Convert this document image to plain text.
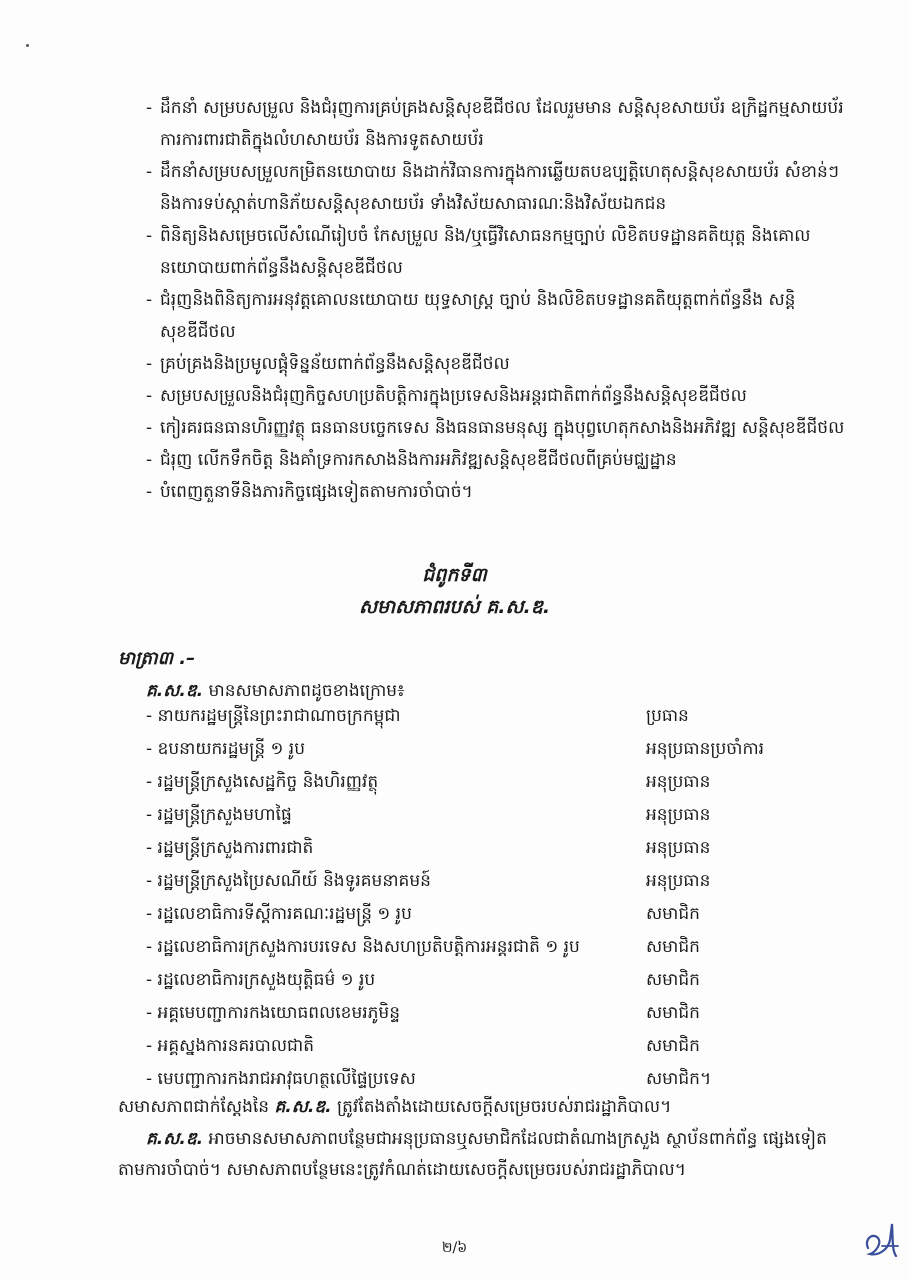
- ដឹកនាំ សម្របសម្រួល និងជំរុញការគ្រប់គ្រងសន្តិសុខឌីជីថល ដែលរួមមាន សន្តិសុខសាយប័រ ឧក្រិដ្ឋកម្មសាយប័រ ការការពារជាតិក្នុងលំហសាយប័រ និងការទូតសាយប័រ
- ដឹកនាំសម្របសម្រួលកម្រិតនយោបាយ និងដាក់វិធានការក្នុងការឆ្លើយតបឧប្បត្តិហេតុសន្តិសុខសាយប័រ សំខាន់ៗ និងការទប់ស្កាត់ហានិភ័យសន្តិសុខសាយប័រ ទាំងវិស័យសាធារណៈនិងវិស័យឯកជន
- ពិនិត្យនិងសម្រេចលើសំណើរៀបចំ កែសម្រួល និង/ឬធ្វើវិសោធនកម្មច្បាប់ លិខិតបទដ្ឋានគតិយុត្ត និងគោលនយោបាយពាក់ព័ន្ធនឹងសន្តិសុខឌីជីថល
- ជំរុញនិងពិនិត្យការអនុវត្តគោលនយោបាយ យុទ្ធសាស្ត្រ ច្បាប់ និងលិខិតបទដ្ឋានគតិយុត្តពាក់ព័ន្ធនឹង សន្តិសុខឌីជីថល
- គ្រប់គ្រងនិងប្រមូលផ្តុំទិន្នន័យពាក់ព័ន្ធនឹងសន្តិសុខឌីជីថល
- សម្របសម្រួលនិងជំរុញកិច្ចសហប្រតិបត្តិការក្នុងប្រទេសនិងអន្តរជាតិពាក់ព័ន្ធនឹងសន្តិសុខឌីជីថល
- កៀរគរធនធានហិរញ្ញវត្ថុ ធនធានបច្ចេកទេស និងធនធានមនុស្ស ក្នុងបុព្វហេតុកសាងនិងអភិវឌ្ឍ សន្តិសុខឌីជីថល
- ជំរុញ លើកទឹកចិត្ត និងគាំទ្រការកសាងនិងការអភិវឌ្ឍសន្តិសុខឌីជីថលពីគ្រប់មជ្ឈដ្ឋាន
- បំពេញតួនាទីនិងភារកិច្ចផ្សេងទៀតតាមការចាំបាច់។
ជំពូកទី៣
សមាសភាពរបស់ គ.ស.ឌ.
មាត្រា៣ .–
គ.ស.ឌ. មានសមាសភាពដូចខាងក្រោម៖
- នាយករដ្ឋមន្ត្រីនៃព្រះរាជាណាចក្រកម្ពុជា	ប្រធាន
- ឧបនាយករដ្ឋមន្ត្រី ១ រូប	អនុប្រធានប្រចាំការ
- រដ្ឋមន្ត្រីក្រសួងសេដ្ឋកិច្ច និងហិរញ្ញវត្ថុ	អនុប្រធាន
- រដ្ឋមន្ត្រីក្រសួងមហាផ្ទៃ	អនុប្រធាន
- រដ្ឋមន្ត្រីក្រសួងការពារជាតិ	អនុប្រធាន
- រដ្ឋមន្ត្រីក្រសួងប្រៃសណីយ៍ និងទូរគមនាគមន៍	អនុប្រធាន
- រដ្ឋលេខាធិការទីស្តីការគណៈរដ្ឋមន្ត្រី ១ រូប	សមាជិក
- រដ្ឋលេខាធិការក្រសួងការបរទេស និងសហប្រតិបត្តិការអន្តរជាតិ ១ រូប	សមាជិក
- រដ្ឋលេខាធិការក្រសួងយុត្តិធម៌ ១ រូប	សមាជិក
- អគ្គមេបញ្ជាការកងយោធពលខេមរភូមិន្ទ	សមាជិក
- អគ្គស្នងការនគរបាលជាតិ	សមាជិក
- មេបញ្ជាការកងរាជអាវុធហត្ថលើផ្ទៃប្រទេស	សមាជិក។
សមាសភាពជាក់ស្តែងនៃ គ.ស.ឌ. ត្រូវតែងតាំងដោយសេចក្តីសម្រេចរបស់រាជរដ្ឋាភិបាល។
គ.ស.ឌ. អាចមានសមាសភាពបន្ថែមជាអនុប្រធានឬសមាជិកដែលជាតំណាងក្រសួង ស្ថាប័នពាក់ព័ន្ធ ផ្សេងទៀត តាមការចាំបាច់។ សមាសភាពបន្ថែមនេះត្រូវកំណត់ដោយសេចក្តីសម្រេចរបស់រាជរដ្ឋាភិបាល។
២/៦
